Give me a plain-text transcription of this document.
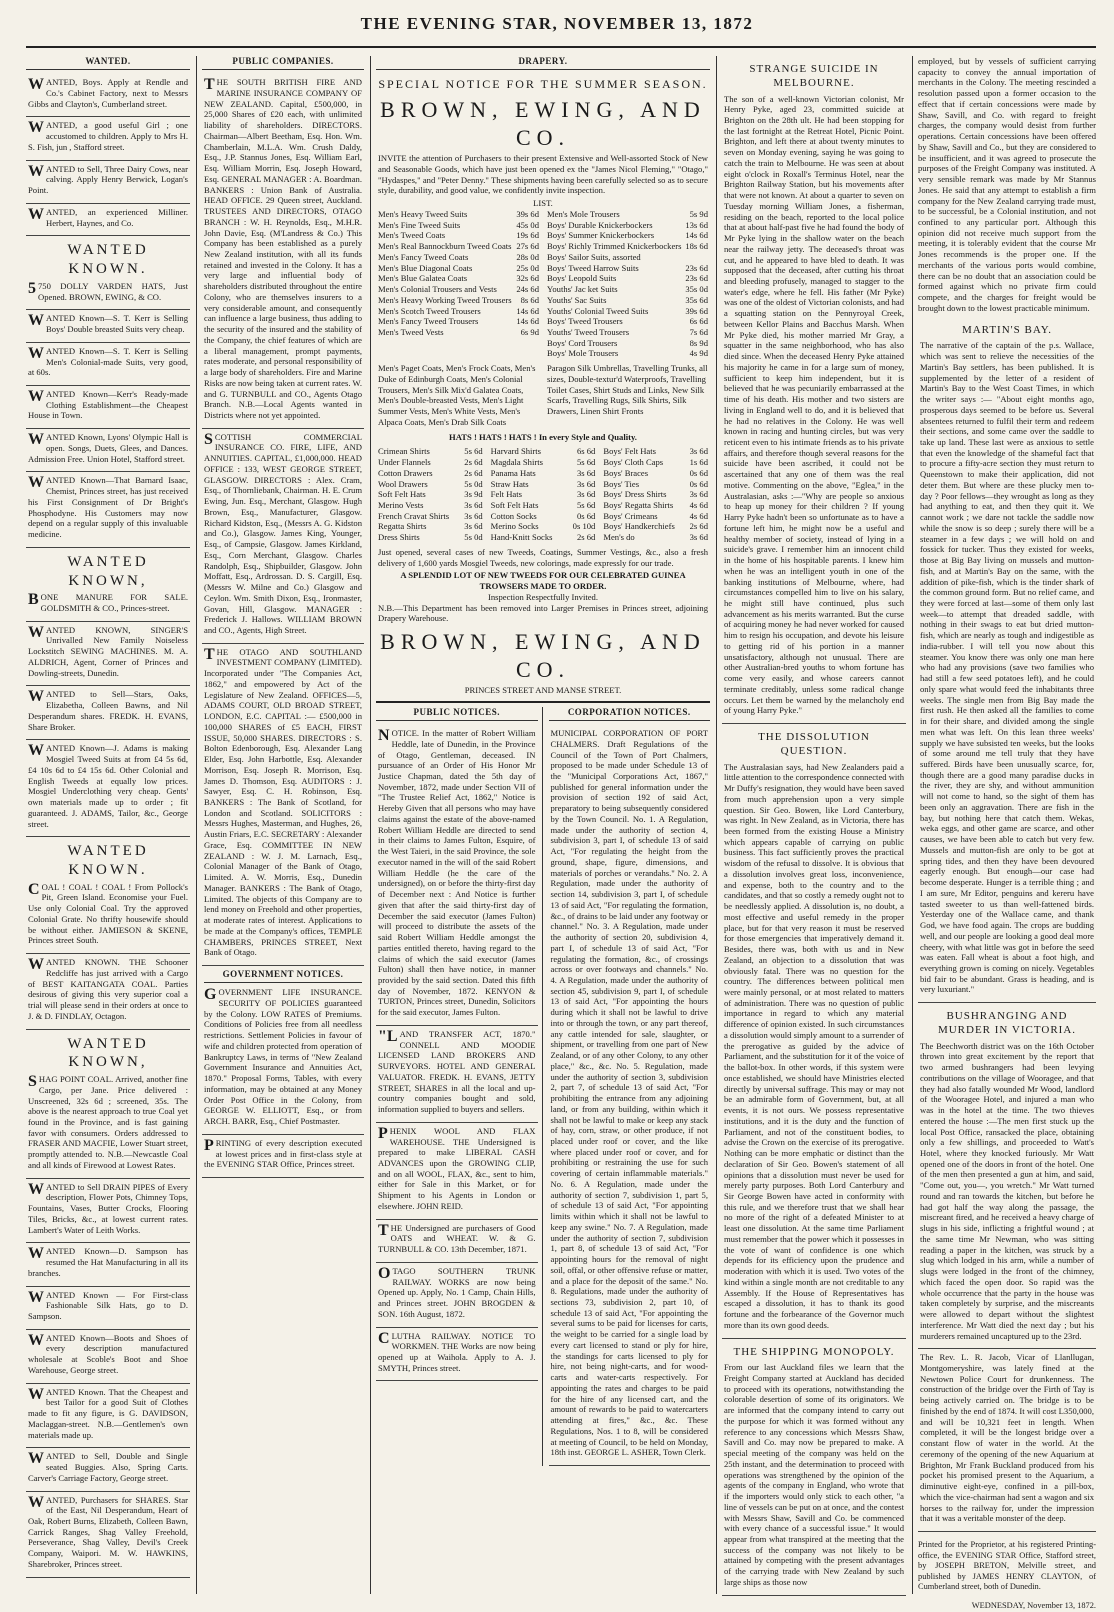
THE EVENING STAR, NOVEMBER 13, 1872
WANTED.

WANTED, Boys. Apply at Rendle and Co.'s Cabinet Factory, next to Messrs Gibbs and Clayton's, Cumberland street.

WANTED, a good useful Girl ; one accustomed to children. Apply to Mrs H. S. Fish, jun , Stafford street.

WANTED to Sell, Three Dairy Cows, near calving. Apply Henry Berwick, Logan's Point.

WANTED, an experienced Milliner. Herbert, Haynes, and Co.

WANTED KNOWN.

5750 DOLLY VARDEN HATS, Just Opened. BROWN, EWING, & CO.

WANTED Known—S. T. Kerr is Selling Boys' Double breasted Suits very cheap.

WANTED Known—S. T. Kerr is Selling Men's Colonial-made Suits, very good, at 60s.

WANTED Known—Kerr's Ready-made Clothing Establishment—the Cheapest House in Town.

WANTED Known, Lyons' Olympic Hall is open. Songs, Duets, Glees, and Dances. Admission Free. Union Hotel, Stafford street.

WANTED Known—That Barnard Isaac, Chemist, Princes street, has just received his First Consignment of Dr Bright's Phosphodyne. His Customers may now depend on a regular supply of this invaluable medicine.

WANTED KNOWN,

BONE MANURE FOR SALE. GOLDSMITH & CO., Princes-street.

WANTED KNOWN, SINGER'S Unrivalled New Family Noiseless Lockstitch SEWING MACHINES. M. A. ALDRICH, Agent, Corner of Princes and Dowling-streets, Dunedin.

WANTED to Sell—Stars, Oaks, Elizabetha, Colleen Bawns, and Nil Desperandum shares. FREDK. H. EVANS, Share Broker.

WANTED Known—J. Adams is making Mosgiel Tweed Suits at from £4 5s 6d, £4 10s 6d to £4 15s 6d. Other Colonial and English Tweeds at equally low prices. Mosgiel Underclothing very cheap. Gents' own materials made up to order ; fit guaranteed. J. ADAMS, Tailor, &c., George street.

WANTED KNOWN.

COAL ! COAL ! COAL ! From Pollock's Pit, Green Island. Economise your Fuel. Use only Colonial Coal. Try the approved Colonial Grate. No thrifty housewife should be without either. JAMIESON & SKENE, Princes street South.

WANTED KNOWN. THE Schooner Redcliffe has just arrived with a Cargo of BEST KAITANGATA COAL. Parties desirous of giving this very superior coal a trial will please send in their orders at once to J. & D. FINDLAY, Octagon.

WANTED KNOWN,

SHAG POINT COAL. Arrived, another fine Cargo, per Jane. Price delivered : Unscreened, 32s 6d ; screened, 35s. The above is the nearest approach to true Coal yet found in the Province, and is fast gaining favor with consumers. Orders addressed to FRASER AND MACFIE, Lower Stuart street, promptly attended to. N.B.—Newcastle Coal and all kinds of Firewood at Lowest Rates.

WANTED to Sell DRAIN PIPES of Every description, Flower Pots, Chimney Tops, Fountains, Vases, Butter Crocks, Flooring Tiles, Bricks, &c., at lowest current rates. Lambert's Water of Leith Works.

WANTED Known—D. Sampson has resumed the Hat Manufacturing in all its branches.

WANTED Known — For First-class Fashionable Silk Hats, go to D. Sampson.

WANTED Known—Boots and Shoes of every description manufactured wholesale at Scoble's Boot and Shoe Warehouse, George street.

WANTED Known. That the Cheapest and best Tailor for a good Suit of Clothes made to fit any figure, is G. DAVIDSON, Maclaggan-street. N.B.—Gentlemen's own materials made up.

WANTED to Sell, Double and Single seated Buggies. Also, Spring Carts. Carver's Carriage Factory, George street.

WANTED, Purchasers for SHARES. Star of the East, Nil Desperandum, Heart of Oak, Robert Burns, Elizabeth, Colleen Bawn, Carrick Ranges, Shag Valley Freehold, Perseverance, Shag Valley, Devil's Creek Company, Waipori. M. W. HAWKINS, Sharebroker, Princes street.

PUBLIC COMPANIES.

THE SOUTH BRITISH FIRE AND MARINE INSURANCE COMPANY OF NEW ZEALAND. Capital, £500,000, in 25,000 Shares of £20 each, with unlimited liability of shareholders. DIRECTORS. Chairman—Albert Beetham, Esq. Hon. Wm. Chamberlain, M.L.A. Wm. Crush Daldy, Esq., J.P. Stannus Jones, Esq. William Earl, Esq. William Morrin, Esq. Joseph Howard, Esq. GENERAL MANAGER : A. Boardman. BANKERS : Union Bank of Australia. HEAD OFFICE. 29 Queen street, Auckland. TRUSTEES AND DIRECTORS, OTAGO BRANCH : W. H. Reynolds, Esq., M.H.R. John Davie, Esq. (M'Landress & Co.) This Company has been established as a purely New Zealand institution, with all its funds retained and invested in the Colony. It has a very large and influential body of shareholders distributed throughout the entire Colony, who are themselves insurers to a very considerable amount, and consequently can influence a large business, thus adding to the security of the insured and the stability of the Company, the chief features of which are a liberal management, prompt payments, rates moderate, and personal responsibility of a large body of shareholders. Fire and Marine Risks are now being taken at current rates. W. and G. TURNBULL and CO., Agents Otago Branch. N.B.—Local Agents wanted in Districts where not yet appointed.

SCOTTISH COMMERCIAL INSURANCE CO. FIRE, LIFE, AND ANNUITIES. CAPITAL, £1,000,000. HEAD OFFICE : 133, WEST GEORGE STREET, GLASGOW. DIRECTORS : Alex. Cram, Esq., of Thornliebank, Chairman. H. E. Crum Ewing, Jun. Esq., Merchant, Glasgow. Hugh Brown, Esq., Manufacturer, Glasgow. Richard Kidston, Esq., (Messrs A. G. Kidston and Co.), Glasgow. James King, Younger, Esq., of Campsie, Glasgow. James Kirkland, Esq., Corn Merchant, Glasgow. Charles Randolph, Esq., Shipbuilder, Glasgow. John Moffatt, Esq., Ardrossan. D. S. Cargill, Esq. (Messrs W. Milne and Co.) Glasgow and Ceylon. Wm. Smith Dixon, Esq., Ironmaster, Govan, Hill, Glasgow. MANAGER : Frederick J. Hallows. WILLIAM BROWN and CO., Agents, High Street.

THE OTAGO AND SOUTHLAND INVESTMENT COMPANY (LIMITED). Incorporated under "The Companies Act, 1862," and empowered by Act of the Legislature of New Zealand. OFFICES—5, ADAMS COURT, OLD BROAD STREET, LONDON, E.C. CAPITAL :— £500,000 in 100,000 SHARES of £5 EACH, FIRST ISSUE, 50,000 SHARES. DIRECTORS : S. Bolton Edenborough, Esq. Alexander Lang Elder, Esq. John Harbottle, Esq. Alexander Morrison, Esq. Joseph R. Morrison, Esq. James D. Thomson, Esq. AUDITORS : J. Sawyer, Esq. C. H. Robinson, Esq. BANKERS : The Bank of Scotland, for London and Scotland. SOLICITORS : Messrs Hughes, Masterman, and Hughes, 26, Austin Friars, E.C. SECRETARY : Alexander Grace, Esq. COMMITTEE IN NEW ZEALAND : W. J. M. Larnach, Esq., Colonial Manager of the Bank of Otago, Limited. A. W. Morris, Esq., Dunedin Manager. BANKERS : The Bank of Otago, Limited. The objects of this Company are to lend money on Freehold and other properties, at moderate rates of interest. Applications to be made at the Company's offices, TEMPLE CHAMBERS, PRINCES STREET, Next Bank of Otago.

GOVERNMENT NOTICES.

GOVERNMENT LIFE INSURANCE. SECURITY OF POLICIES guaranteed by the Colony. LOW RATES of Premiums. Conditions of Policies free from all needless restrictions. Settlement Policies in favour of wife and children protected from operation of Bankruptcy Laws, in terms of "New Zealand Government Insurance and Annuities Act, 1870." Proposal Forms, Tables, with every information, may be obtained at any Money Order Post Office in the Colony, from GEORGE W. ELLIOTT, Esq., or from ARCH. BARR, Esq., Chief Postmaster.

PRINTING of every description executed at lowest prices and in first-class style at the EVENING STAR Office, Princes street.

DRAPERY.
SPECIAL NOTICE FOR THE SUMMER SEASON.
BROWN, EWING, AND CO.

INVITE the attention of Purchasers to their present Extensive and Well-assorted Stock of New and Seasonable Goods, which have just been opened ex the "James Nicol Fleming," "Otago," "Hydaspes," and "Peter Denny." These shipments having been carefully selected so as to secure style, durability, and good value, we confidently invite inspection.

LIST.
Men's Heavy Tweed Suits	39s 6d
Men's Fine Tweed Suits	45s 0d
Men's Tweed Coats	19s 6d
Men's Real Bannockburn Tweed Coats 27s 6d
Men's Fancy Tweed Coats	28s 0d
Men's Blue Diagonal Coats	25s 0d
Men's Blue Galatea Coats	32s 6d
Men's Colonial Trousers and Vests 24s 6d
Men's Heavy Working Tweed Trousers 8s 6d
Men's Scotch Tweed Trousers	14s 6d
Men's Fancy Tweed Trousers	14s 6d
Men's Tweed Vests	6s 9d
Men's Mole Trousers	5s 9d
Boys' Durable Knickerbockers	13s 6d
Boys' Summer Knickerbockers	14s 6d
Boys' Richly Trimmed Knickerbockers 18s 6d
Boys' Sailor Suits, assorted
Boys' Tweed Harrow Suits	23s 6d
Boys' Leopold Suits	23s 6d
Youths' Jac ket Suits	35s 0d
Youths' Sac Suits	35s 6d
Youths' Colonial Tweed Suits	39s 6d
Boys' Tweed Trousers	6s 6d
Youths' Tweed Trousers	7s 6d
Boys' Cord Trousers	8s 9d
Boys' Mole Trousers	4s 9d
Men's Paget Coats, Men's Frock Coats, Men's Duke of Edinburgh Coats, Men's Colonial Trousers, Men's Silk Mix'd Galatea Coats, Men's Double-breasted Vests, Men's Light Summer Vests, Men's White Vests, Men's Alpaca Coats, Men's Drab Silk Coats
Paragon Silk Umbrellas, Travelling Trunks, all sizes, Double-textur'd Waterproofs, Travelling Toilet Cases, Shirt Studs and Links, New Silk Scarfs, Travelling Rugs, Silk Shirts, Silk Drawers, Linen Shirt Fronts
HATS ! HATS ! HATS ! In every Style and Quality.
Crimean Shirts	5s 6d
Under Flannels	2s 6d
Cotton Drawers	2s 6d
Wool Drawers	5s 0d
Soft Felt Hats	3s 9d
Merino Vests	3s 6d
French Cravat Shirts 3s 6d
Regatta Shirts	3s 6d
Dress Shirts	5s 0d
Harvard Shirts	6s 6d
Magdala Shirts	5s 6d
Panama Hats	3s 6d
Straw Hats	3s 6d
Felt Hats	3s 6d
Soft Felt Hats	5s 6d
Cotton Socks	0s 6d
Merino Socks	0s 10d
Hand-Knitt Socks	2s 6d
Boys' Felt Hats	3s 6d
Boys' Cloth Caps	1s 6d
Boys' Braces	0s 6d
Boys' Ties	0s 6d
Boys' Dress Shirts	3s 6d
Boys' Regatta Shirts 4s 6d
Boys' Crimeans	4s 6d
Boys' Handkerchiefs 2s 6d
Men's do	3s 6d

Just opened, several cases of new Tweeds, Coatings, Summer Vestings, &c., also a fresh delivery of 1,600 yards Mosgiel Tweeds, new colorings, made expressly for our trade.

A SPLENDID LOT OF NEW TWEEDS FOR OUR CELEBRATED GUINEA TROWSERS MADE TO ORDER.
Inspection Respectfully Invited.

N.B.—This Department has been removed into Larger Premises in Princes street, adjoining Drapery Warehouse.

BROWN, EWING, AND CO.
PRINCES STREET AND MANSE STREET.
PUBLIC NOTICES.

NOTICE. In the matter of Robert William Heddle, late of Dunedin, in the Province of Otago, Gentleman, deceased. IN pursuance of an Order of His Honor Mr Justice Chapman, dated the 5th day of November, 1872, made under Section VII of "The Trustee Relief Act, 1862," Notice is Hereby Given that all persons who may have claims against the estate of the above-named Robert William Heddle are directed to send in their claims to James Fulton, Esquire, of the West Taieri, in the said Province, the sole executor named in the will of the said Robert William Heddle (he the care of the undersigned), on or before the thirty-first day of December next : And Notice is further given that after the said thirty-first day of December the said executor (James Fulton) will proceed to distribute the assets of the said Robert William Heddle amongst the parties entitled thereto, having regard to the claims of which the said executor (James Fulton) shall then have notice, in manner provided by the said section. Dated this fifth day of November, 1872. KENYON & TURTON, Princes street, Dunedin, Solicitors for the said executor, James Fulton.

"LAND TRANSFER ACT, 1870." CONNELL AND MOODIE LICENSED LAND BROKERS AND SURVEYORS. HOTEL AND GENERAL VALUATOR. FREDK. H. EVANS, JETTY STREET, SHARES in all the local and up-country companies bought and sold, information supplied to buyers and sellers.

PHENIX WOOL AND FLAX WAREHOUSE. THE Undersigned is prepared to make LIBERAL CASH ADVANCES upon the GROWING CLIP, and on all WOOL, FLAX, &c., sent to him, either for Sale in this Market, or for Shipment to his Agents in London or elsewhere. JOHN REID.

THE Undersigned are purchasers of Good OATS and WHEAT. W. & G. TURNBULL & CO. 13th December, 1871.

OTAGO SOUTHERN TRUNK RAILWAY. WORKS are now being Opened up. Apply, No. 1 Camp, Chain Hills, and Princes street. JOHN BROGDEN & SON. 16th August, 1872.

CLUTHA RAILWAY. NOTICE TO WORKMEN. THE Works are now being opened up at Waihola. Apply to A. J. SMYTH, Princes street.

CORPORATION NOTICES.

MUNICIPAL CORPORATION OF PORT CHALMERS. Draft Regulations of the Council of the Town of Port Chalmers, proposed to be made under Schedule 13 of the "Municipal Corporations Act, 1867," published for general information under the provision of section 192 of said Act, preparatory to being subsequently considered by the Town Council. No. 1. A Regulation, made under the authority of section 4, subdivision 3, part I, of schedule 13 of said Act, "For regulating the height from the ground, shape, figure, dimensions, and materials of porches or verandahs." No. 2. A Regulation, made under the authority of section 14, subdivision 3, part I, of schedule 13 of said Act, "For regulating the formation, &c., of drains to be laid under any footway or channel." No. 3. A Regulation, made under the authority of section 20, subdivision 4, part I, of schedule 13 of said Act, "For regulating the formation, &c., of crossings across or over footways and channels." No. 4. A Regulation, made under the authority of section 45, subdivision 9, part I, of schedule 13 of said Act, "For appointing the hours during which it shall not be lawful to drive into or through the town, or any part thereof, any cattle intended for sale, slaughter, or shipment, or travelling from one part of New Zealand, or of any other Colony, to any other place," &c., &c. No. 5. Regulation, made under the authority of section 3, subdivision 2, part 7, of schedule 13 of said Act, "For prohibiting the entrance from any adjoining land, or from any building, within which it shall not be lawful to make or keep any stack of hay, corn, straw, or other produce, if not placed under roof or cover, and the like where placed under roof or cover, and for prohibiting or restraining the use for such covering of certain inflammable materials." No. 6. A Regulation, made under the authority of section 7, subdivision 1, part 5, of schedule 13 of said Act, "For appointing limits within which it shall not be lawful to keep any swine." No. 7. A Regulation, made under the authority of section 7, subdivision 1, part 8, of schedule 13 of said Act, "For appointing hours for the removal of night soil, offal, or other offensive refuse or matter, and a place for the deposit of the same." No. 8. Regulations, made under the authority of sections 73, subdivision 2, part 10, of schedule 13 of said Act, "For appointing the several sums to be paid for licenses for carts, the weight to be carried for a single load by every cart licensed to stand or ply for hire, the standings for carts licensed to ply for hire, not being night-carts, and for wood-carts and water-carts respectively. For appointing the rates and charges to be paid for the hire of any licensed cart, and the amount of rewards to be paid to watercarters attending at fires," &c., &c. These Regulations, Nos. 1 to 8, will be considered at meeting of Council, to be held on Monday, 18th inst. GEORGE L. ASHER, Town Clerk.

STRANGE SUICIDE IN MELBOURNE.

The son of a well-known Victorian colonist, Mr Henry Pyke, aged 23, committed suicide at Brighton on the 28th ult. He had been stopping for the last fortnight at the Retreat Hotel, Picnic Point. Brighton, and left there at about twenty minutes to seven on Monday evening, saying he was going to catch the train to Melbourne. He was seen at about eight o'clock in Roxall's Terminus Hotel, near the Brighton Railway Station, but his movements after that were not known. At about a quarter to seven on Tuesday morning William Jones, a fisherman, residing on the beach, reported to the local police that at about half-past five he had found the body of Mr Pyke lying in the shallow water on the beach near the railway jetty. The deceased's throat was cut, and he appeared to have bled to death. It was supposed that the deceased, after cutting his throat and bleeding profusely, managed to stagger to the water's edge, where he fell. His father (Mr Pyke) was one of the oldest of Victorian colonists, and had a squatting station on the Pennyroyal Creek, between Kellor Plains and Bacchus Marsh. When Mr Pyke died, his mother married Mr Gray, a squatter in the same neighborhood, who has also died since. When the deceased Henry Pyke attained his majority he came in for a large sum of money, sufficient to keep him independent, but it is believed that he was pecuniarily embarrassed at the time of his death. His mother and two sisters are living in England well to do, and it is believed that he had no relatives in the Colony. He was well known in racing and hunting circles, but was very reticent even to his intimate friends as to his private affairs, and therefore though several reasons for the suicide have been ascribed, it could not be ascertained that any one of them was the real motive. Commenting on the above, "Eglea," in the Australasian, asks :—"Why are people so anxious to heap up money for their children ? If young Harry Pyke hadn't been so unfortunate as to have a fortune left him, he might now be a useful and healthy member of society, instead of lying in a suicide's grave. I remember him an innocent child in the home of his hospitable parents. I knew him when he was an intelligent youth in one of the banking institutions of Melbourne, where, had circumstances compelled him to live on his salary, he might still have continued, plus such advancement as his merits warranted. But the curse of acquiring money he had never worked for caused him to resign his occupation, and devote his leisure to getting rid of his portion in a manner unsatisfactory, although not unusual. There are other Australian-bred youths to whom fortune has come very easily, and whose careers cannot terminate creditably, unless some radical change occurs. Let them be warned by the melancholy end of young Harry Pyke."

THE DISSOLUTION QUESTION.

The Australasian says, had New Zealanders paid a little attention to the correspondence connected with Mr Duffy's resignation, they would have been saved from much apprehension upon a very simple question. Sir Geo. Bowen, like Lord Canterbury, was right. In New Zealand, as in Victoria, there has been formed from the existing House a Ministry which appears capable of carrying on public business. This fact sufficiently proves the practical wisdom of the refusal to dissolve. It is obvious that a dissolution involves great loss, inconvenience, and expense, both to the country and to the candidates, and that so costly a remedy ought not to be needlessly applied. A dissolution is, no doubt, a most effective and useful remedy in the proper place, but for that very reason it must be reserved for those emergencies that imperatively demand it. Besides, there was, both with us and in New Zealand, an objection to a dissolution that was obviously fatal. There was no question for the country. The differences between political men were mainly personal, or at most related to matters of administration. There was no question of public importance in regard to which any material difference of opinion existed. In such circumstances a dissolution would simply amount to a surrender of the prerogative as guided by the advice of Parliament, and the substitution for it of the voice of the ballot-box. In other words, if this system were once established, we should have Ministries elected directly by universal suffrage. This may or may not be an admirable form of Government, but, at all events, it is not ours. We possess representative institutions, and it is the duty and the function of Parliament, and not of the constituent bodies, to advise the Crown on the exercise of its prerogative. Nothing can be more emphatic or distinct than the declaration of Sir Geo. Bowen's statement of all opinions that a dissolution must never be used for merely party purposes. Both Lord Canterbury and Sir George Bowen have acted in conformity with this rule, and we therefore trust that we shall hear no more of the right of a defeated Minister to at least one dissolution. At the same time Parliament must remember that the power which it possesses in the vote of want of confidence is one which depends for its efficiency upon the prudence and moderation with which it is used. Two votes of the kind within a single month are not creditable to any Assembly. If the House of Representatives has escaped a dissolution, it has to thank its good fortune and the forbearance of the Governor much more than its own good deeds.

THE SHIPPING MONOPOLY.

From our last Auckland files we learn that the Freight Company started at Auckland has decided to proceed with its operations, notwithstanding the colorable desertion of some of its originators. We are informed that the company intend to carry out the purpose for which it was formed without any reference to any concessions which Messrs Shaw, Savill and Co. may now be prepared to make. A special meeting of the company was held on the 25th instant, and the determination to proceed with operations was strengthened by the opinion of the agents of the company in England, who wrote that if the importers would only stick to each other, "a line of vessels can be put on at once, and the contest with Messrs Shaw, Savill and Co. be commenced with every chance of a successful issue." It would appear from what transpired at the meeting that the success of the company was not likely to be attained by competing with the present advantages of the carrying trade with New Zealand by such large ships as those now

employed, but by vessels of sufficient carrying capacity to convey the annual importation of merchants in the Colony. The meeting rescinded a resolution passed upon a former occasion to the effect that if certain concessions were made by Shaw, Savill, and Co. with regard to freight charges, the company would desist from further operations. Certain concessions have been offered by Shaw, Savill and Co., but they are considered to be insufficient, and it was agreed to prosecute the purposes of the Freight Company was instituted. A very sensible remark was made by Mr Stannus Jones. He said that any attempt to establish a firm company for the New Zealand carrying trade must, to be successful, be a Colonial institution, and not confined to any particular port. Although this opinion did not receive much support from the meeting, it is tolerably evident that the course Mr Jones recommends is the proper one. If the merchants of the various ports would combine, there can be no doubt that an association could be formed against which no private firm could compete, and the charges for freight would be brought down to the lowest practicable minimum.

MARTIN'S BAY.

The narrative of the captain of the p.s. Wallace, which was sent to relieve the necessities of the Martin's Bay settlers, has been published. It is supplemented by the letter of a resident of Martin's Bay to the West Coast Times, in which the writer says :— "About eight months ago, prosperous days seemed to be before us. Several absentees returned to fulfil their term and redeem their sections, and some came over the saddle to take up land. These last were as anxious to settle that even the knowledge of the shameful fact that to procure a fifty-acre section they must return to Queenstown to make their application, did not deter them. But where are these plucky men to-day ? Poor fellows—they wrought as long as they had anything to eat, and then they quit it. We cannot work ; we dare not tackle the saddle now while the snow is so deep ; surely there will be a steamer in a few days ; we will hold on and fossick for tucker. Thus they existed for weeks, those at Big Bay living on mussels and mutton-fish, and at Martin's Bay on the same, with the addition of pike-fish, which is the tinder shark of the common ground form. But no relief came, and they were forced at last—some of them only last week—to attempt that dreaded saddle, with nothing in their swags to eat but dried mutton-fish, which are nearly as tough and indigestible as india-rubber. I will tell you now about this steamer. You know there was only one man here who had any provisions (save two families who had still a few seed potatoes left), and he could only spare what would feed the inhabitants three weeks. The single men from Big Bay made the first rush. He then asked all the families to come in for their share, and divided among the single men what was left. On this lean three weeks' supply we have subsisted ten weeks, but the looks of some around me tell truly that they have suffered. Birds have been unusually scarce, for, though there are a good many paradise ducks in the river, they are shy, and without ammunition will not come to hand, so the sight of them has been only an aggravation. There are fish in the bay, but nothing here that catch them. Wekas, weka eggs, and other game are scarce, and other causes, we have been able to catch but very few. Mussels and mutton-fish are only to be got at spring tides, and then they have been devoured eagerly enough. But enough—our case had become desperate. Hunger is a terrible thing ; and I am sure, Mr Editor, penguins and kereru have tasted sweeter to us than well-fattened birds. Yesterday one of the Wallace came, and thank God, we have food again. The crops are budding well, and our people are looking a good deal more cheery, with what little was got in before the seed was eaten. Fall wheat is about a foot high, and everything grown is coming on nicely. Vegetables bid fair to be abundant. Grass is heading, and is very luxuriant."

BUSHRANGING AND MURDER IN VICTORIA.

The Beechworth district was on the 16th October thrown into great excitement by the report that two armed bushrangers had been levying contributions on the village of Wooragee, and that they had also fatally wounded Mr Wood, landlord of the Wooragee Hotel, and injured a man who was in the hotel at the time. The two thieves entered the house :—The men first stuck up the local Post Office, ransacked the place, obtaining only a few shillings, and proceeded to Watt's Hotel, where they knocked furiously. Mr Watt opened one of the doors in front of the hotel. One of the men then presented a gun at him, and said, "Come out, you—, you wretch." Mr Watt turned round and ran towards the kitchen, but before he had got half the way along the passage, the miscreant fired, and he received a heavy charge of slugs in his side, inflicting a frightful wound ; at the same time Mr Newman, who was sitting reading a paper in the kitchen, was struck by a slug which lodged in his arm, while a number of slugs were lodged in the front of the chimney, which faced the open door. So rapid was the whole occurrence that the party in the house was taken completely by surprise, and the miscreants were allowed to depart without the slightest interference. Mr Watt died the next day ; but his murderers remained uncaptured up to the 23rd.

The Rev. L. R. Jacob, Vicar of Llanllugan, Montgomeryshire, was lately fined at the Newtown Police Court for drunkenness. The construction of the bridge over the Firth of Tay is being actively carried on. The bridge is to be finished by the end of 1874. It will cost L350,000, and will be 10,321 feet in length. When completed, it will be the longest bridge over a constant flow of water in the world. At the ceremony of the opening of the new Aquarium at Brighton, Mr Frank Buckland produced from his pocket his promised present to the Aquarium, a diminutive eight-eye, confined in a pill-box, which the vice-chairman had sent a wagon and six horses to the railway for, under the impression that it was a veritable monster of the deep.

Printed for the Proprietor, at his registered Printing-office, the EVENING STAR Office, Stafford street, by JOSEPH BRETON, Melville street, and published by JAMES HENRY CLAYTON, of Cumberland street, both of Dunedin.

WEDNESDAY, November 13, 1872.
